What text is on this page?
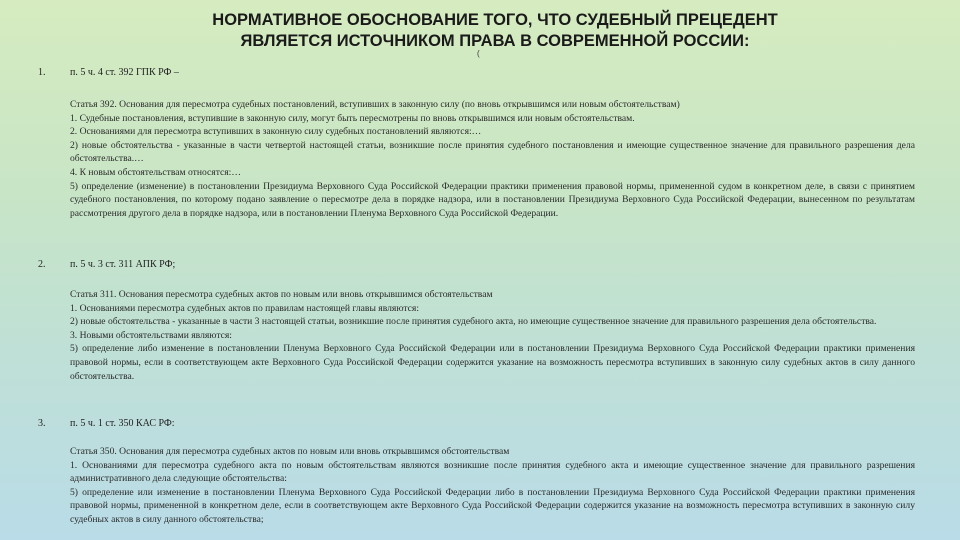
НОРМАТИВНОЕ ОБОСНОВАНИЕ ТОГО, ЧТО СУДЕБНЫЙ ПРЕЦЕДЕНТ ЯВЛЯЕТСЯ ИСТОЧНИКОМ ПРАВА В СОВРЕМЕННОЙ РОССИИ:
(
1. п. 5 ч. 4 ст. 392 ГПК РФ –
Статья 392. Основания для пересмотра судебных постановлений, вступивших в законную силу (по вновь открывшимся или новым обстоятельствам)
1. Судебные постановления, вступившие в законную силу, могут быть пересмотрены по вновь открывшимся или новым обстоятельствам.
2. Основаниями для пересмотра вступивших в законную силу судебных постановлений являются:…
2) новые обстоятельства - указанные в части четвертой настоящей статьи, возникшие после принятия судебного постановления и имеющие существенное значение для правильного разрешения дела обстоятельства.…
4. К новым обстоятельствам относятся:…
5) определение (изменение) в постановлении Президиума Верховного Суда Российской Федерации практики применения правовой нормы, примененной судом в конкретном деле, в связи с принятием судебного постановления, по которому подано заявление о пересмотре дела в порядке надзора, или в постановлении Президиума Верховного Суда Российской Федерации, вынесенном по результатам рассмотрения другого дела в порядке надзора, или в постановлении Пленума Верховного Суда Российской Федерации.
2. п. 5 ч. 3 ст. 311 АПК РФ;
Статья 311. Основания пересмотра судебных актов по новым или вновь открывшимся обстоятельствам
1. Основаниями пересмотра судебных актов по правилам настоящей главы являются:
2) новые обстоятельства - указанные в части 3 настоящей статьи, возникшие после принятия судебного акта, но имеющие существенное значение для правильного разрешения дела обстоятельства.
3. Новыми обстоятельствами являются:
5) определение либо изменение в постановлении Пленума Верховного Суда Российской Федерации или в постановлении Президиума Верховного Суда Российской Федерации практики применения правовой нормы, если в соответствующем акте Верховного Суда Российской Федерации содержится указание на возможность пересмотра вступивших в законную силу судебных актов в силу данного обстоятельства.
3. п. 5 ч. 1 ст. 350 КАС РФ:
Статья 350. Основания для пересмотра судебных актов по новым или вновь открывшимся обстоятельствам
1. Основаниями для пересмотра судебного акта по новым обстоятельствам являются возникшие после принятия судебного акта и имеющие существенное значение для правильного разрешения административного дела следующие обстоятельства:
5) определение или изменение в постановлении Пленума Верховного Суда Российской Федерации либо в постановлении Президиума Верховного Суда Российской Федерации практики применения правовой нормы, примененной в конкретном деле, если в соответствующем акте Верховного Суда Российской Федерации содержится указание на возможность пересмотра вступивших в законную силу судебных актов в силу данного обстоятельства;
